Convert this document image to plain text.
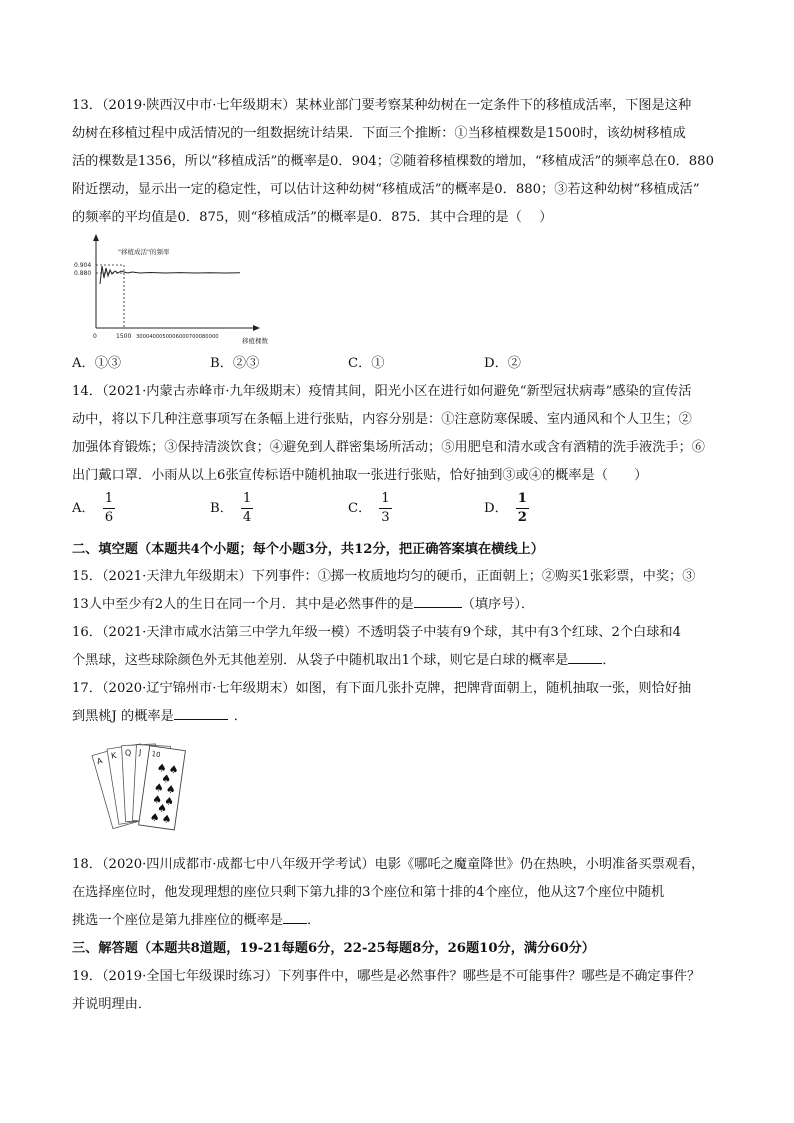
13．（2019·陕西汉中市·七年级期末）某林业部门要考察某种幼树在一定条件下的移植成活率，下图是这种
幼树在移植过程中成活情况的一组数据统计结果．下面三个推断：①当移植棵数是1500时，该幼树移植成
活的棵数是1356，所以“移植成活”的概率是0．904；②随着移植棵数的增加，“移植成活”的频率总在0．880
附近摆动，显示出一定的稳定性，可以估计这种幼树“移植成活”的概率是0．880；③若这种幼树“移植成活”
的频率的平均值是0．875，则“移植成活”的概率是0．875．其中合理的是（　 ）
"移植成活"的频率
0.904
0.880
0	1500 3000400050006000700080000	移植棵数
A．①③	B．②③	C．①	D．②
14．（2021·内蒙古赤峰市·九年级期末）疫情其间，阳光小区在进行如何避免“新型冠状病毒”感染的宣传活
动中，将以下几种注意事项写在条幅上进行张贴，内容分别是：①注意防寒保暖、室内通风和个人卫生；②
加强体育锻炼；③保持清淡饮食；④避免到人群密集场所活动；⑤用肥皂和清水或含有酒精的洗手液洗手；⑥
出门戴口罩．小雨从以上6张宣传标语中随机抽取一张进行张贴，恰好抽到③或④的概率是（　　）
A． $\frac{1}{6}$	B． $\frac{1}{4}$	C． $\frac{1}{3}$	D． $\frac{1}{2}$
二、填空题（本题共4个小题；每个小题3分，共12分，把正确答案填在横线上）
15．（2021·天津九年级期末）下列事件：①掷一枚质地均匀的硬币，正面朝上；②购买1张彩票，中奖；③
13人中至少有2人的生日在同一个月．其中是必然事件的是	（填序号）．
16．（2021·天津市咸水沽第三中学九年级一模）不透明袋子中装有9个球，其中有3个红球、2个白球和4
个黑球，这些球除颜色外无其他差别．从袋子中随机取出1个球，则它是白球的概率是	．
17．（2020·辽宁锦州市·七年级期末）如图，有下面几张扑克牌，把牌背面朝上，随机抽取一张，则恰好抽
到黑桃J 的概率是	．
A
K Q J 10
♠ ♠
♠
♠ ♠
♠ ♠
♠
♠ ♠
18．（2020·四川成都市·成都七中八年级开学考试）电影《哪吒之魔童降世》仍在热映，小明准备买票观看，
在选择座位时，他发现理想的座位只剩下第九排的3个座位和第十排的4个座位，他从这7个座位中随机
挑选一个座位是第九排座位的概率是 ．
三、解答题（本题共8道题，19-21每题6分，22-25每题8分，26题10分，满分60分）
19．（2019·全国七年级课时练习）下列事件中，哪些是必然事件？哪些是不可能事件？哪些是不确定事件？
并说明理由．
